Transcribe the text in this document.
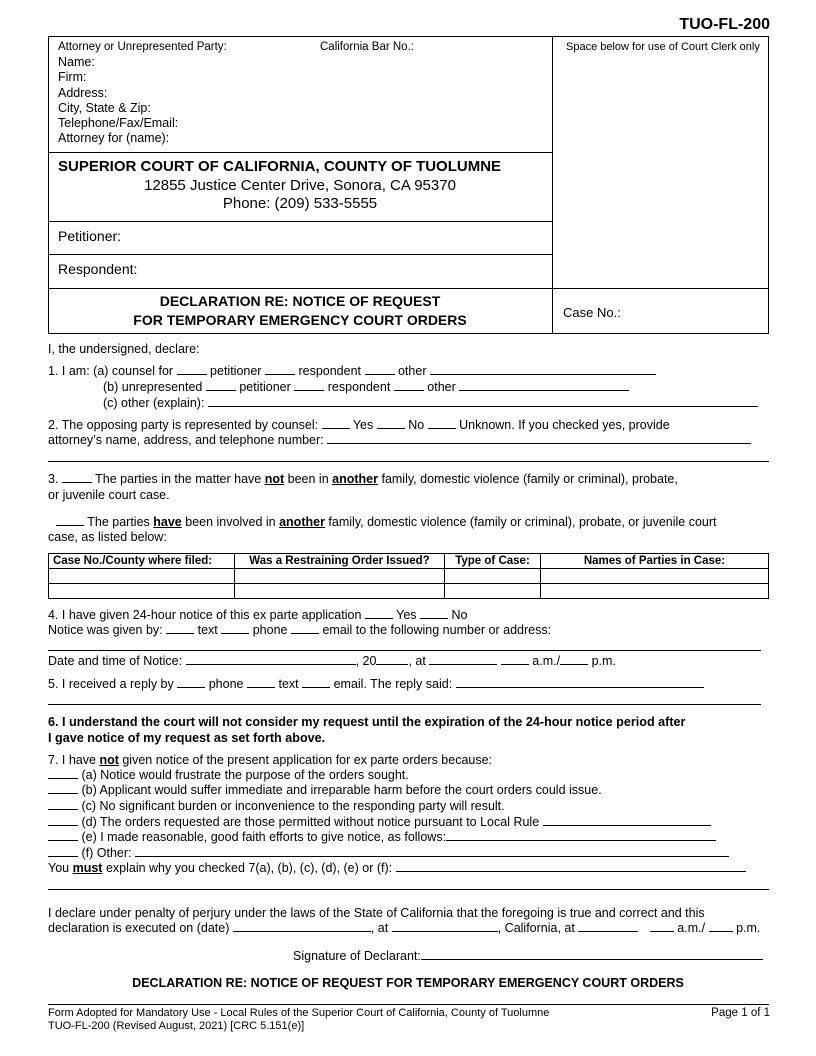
TUO-FL-200
Attorney or Unrepresented Party:	California Bar No.:
Name:
Firm:
Address:
City, State & Zip:
Telephone/Fax/Email:
Attorney for (name):
Space below for use of Court Clerk only
SUPERIOR COURT OF CALIFORNIA, COUNTY OF TUOLUMNE
12855 Justice Center Drive, Sonora, CA 95370
Phone: (209) 533-5555
Petitioner:
Respondent:
DECLARATION RE: NOTICE OF REQUEST
FOR TEMPORARY EMERGENCY COURT ORDERS	Case No.:
I, the undersigned, declare:
1. I am: (a) counsel for	petitioner	respondent	other
(b) unrepresented	petitioner	respondent	other
(c) other (explain):
2. The opposing party is represented by counsel:	Yes	No	Unknown. If you checked yes, provide
attorney’s name, address, and telephone number:
3.	The parties in the matter have not been in another family, domestic violence (family or criminal), probate,
or juvenile court case.
The parties have been involved in another family, domestic violence (family or criminal), probate, or juvenile court
case, as listed below:
Case No./County where filed:	Was a Restraining Order Issued?	Type of Case:	Names of Parties in Case:

4. I have given 24-hour notice of this ex parte application	Yes	No
Notice was given by:	text	phone	email to the following number or address:
Date and time of Notice:	, 20	, at	a.m./	p.m.
5. I received a reply by	phone	text	email. The reply said:
6. I understand the court will not consider my request until the expiration of the 24-hour notice period after
I gave notice of my request as set forth above.
7. I have not given notice of the present application for ex parte orders because:
(a) Notice would frustrate the purpose of the orders sought.
(b) Applicant would suffer immediate and irreparable harm before the court orders could issue.
(c) No significant burden or inconvenience to the responding party will result.
(d) The orders requested are those permitted without notice pursuant to Local Rule
(e) I made reasonable, good faith efforts to give notice, as follows:
(f) Other:
You must explain why you checked 7(a), (b), (c), (d), (e) or (f):
I declare under penalty of perjury under the laws of the State of California that the foregoing is true and correct and this
declaration is executed on (date)	, at	, California, at	a.m./ p.m.
Signature of Declarant:
DECLARATION RE: NOTICE OF REQUEST FOR TEMPORARY EMERGENCY COURT ORDERS
Form Adopted for Mandatory Use - Local Rules of the Superior Court of California, County of Tuolumne
TUO-FL-200 (Revised August, 2021) [CRC 5.151(e)]
Page 1 of 1
